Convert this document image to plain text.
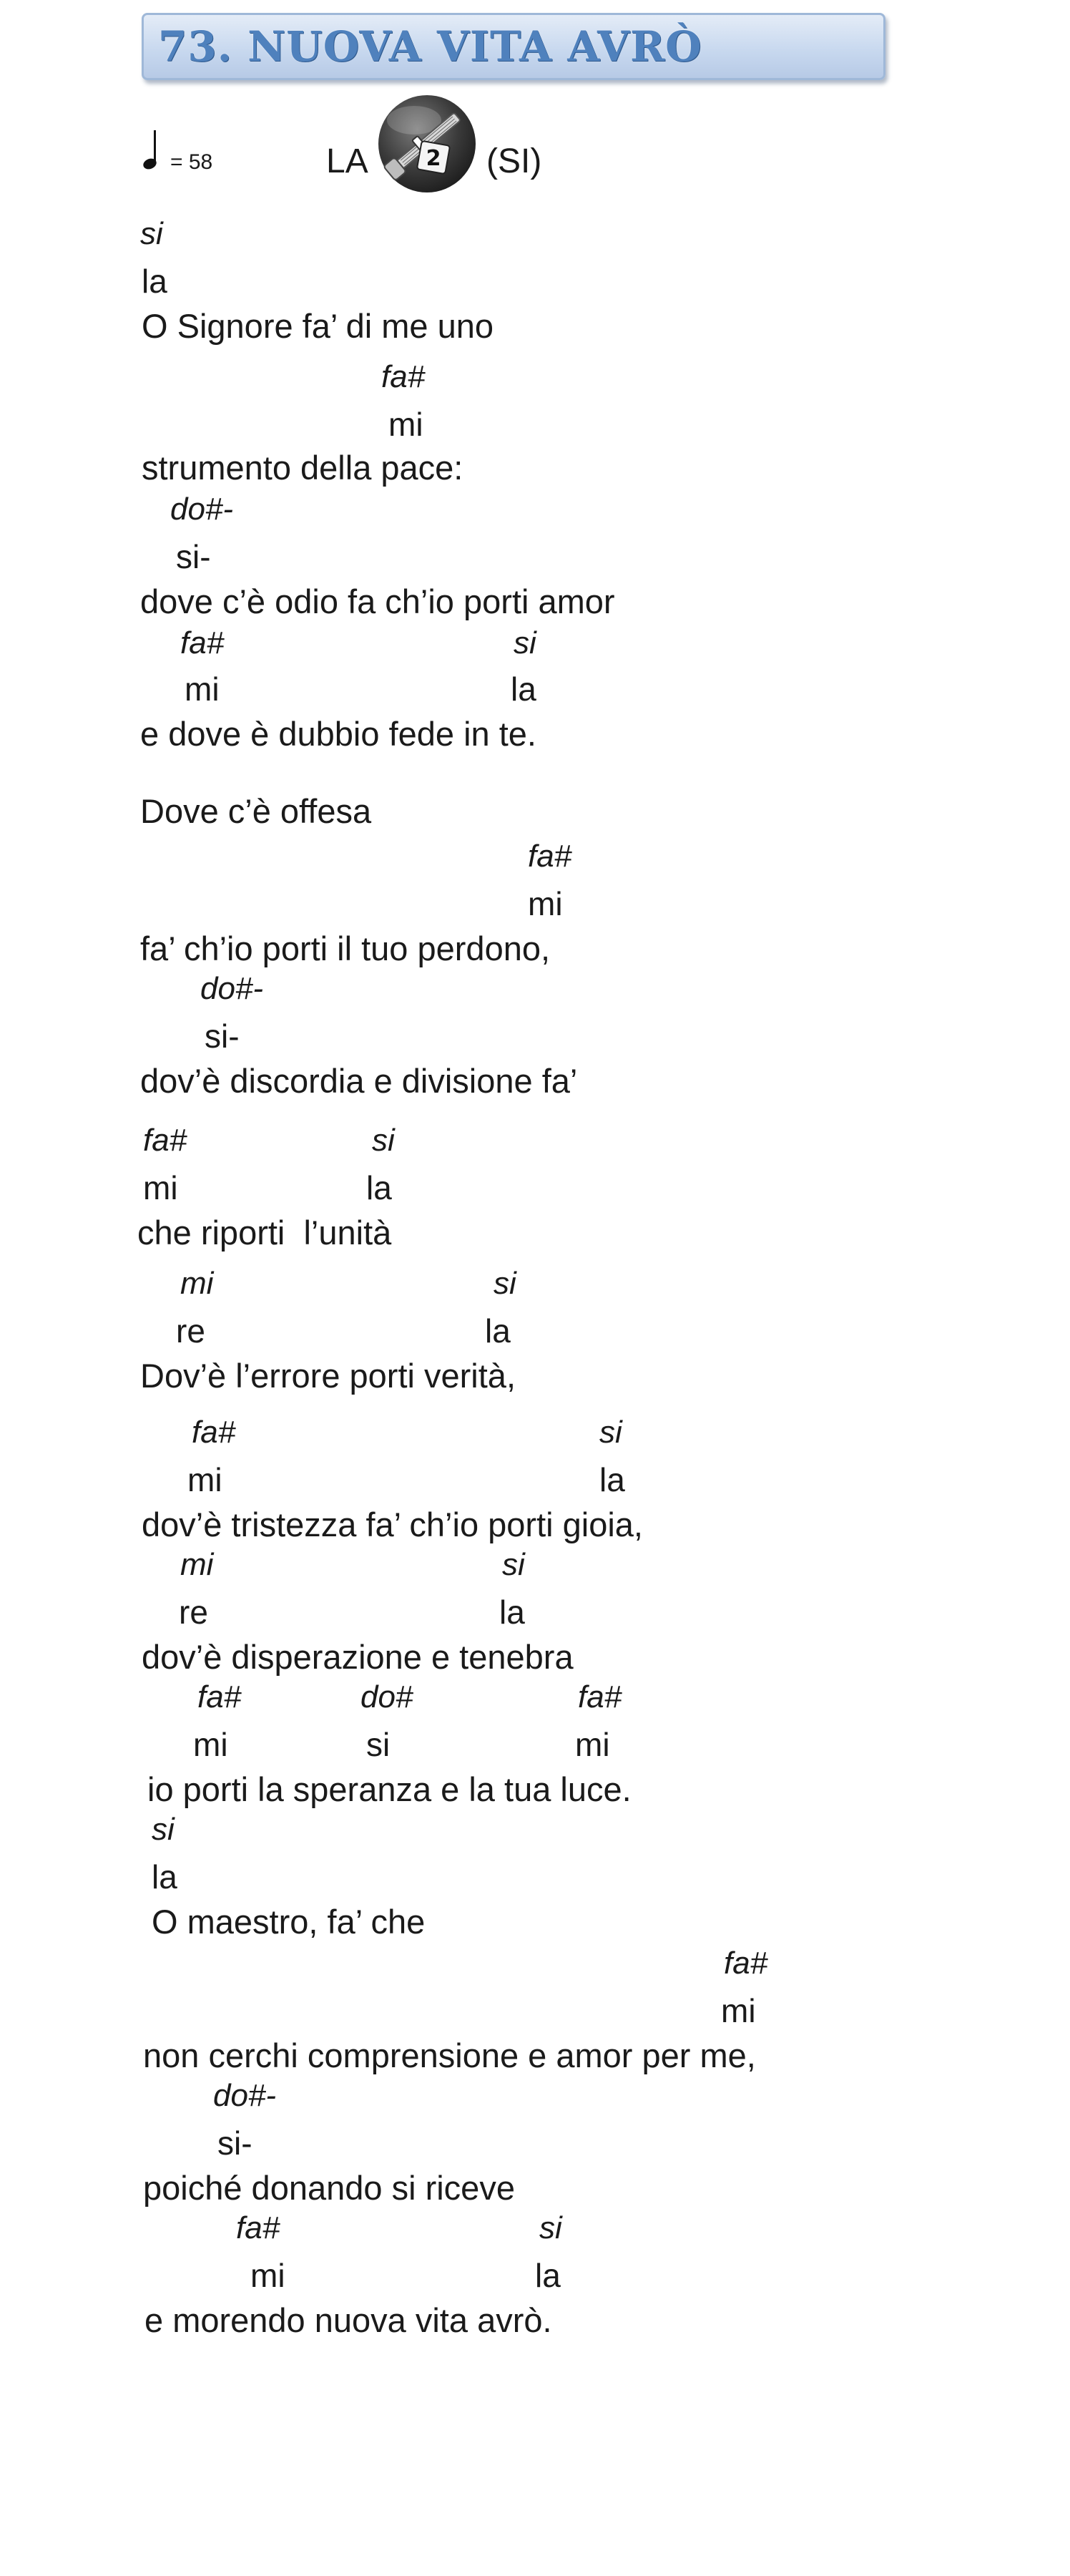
73. NUOVA VITA AVRÒ
= 58	LA	2 (SI)
si
la
O Signore fa’ di me uno
fa#
mi
strumento della pace:
do#-
si-
dove c’è odio fa ch’io porti amor
fa#	si
mi	la
e dove è dubbio fede in te.
Dove c’è offesa
fa#
mi
fa’ ch’io porti il tuo perdono,
do#-
si-
dov’è discordia e divisione fa’
fa#	si
mi	la
che riporti  l’unità
mi	si
re	la
Dov’è l’errore porti verità,
fa#	si
mi	la
dov’è tristezza fa’ ch’io porti gioia,
mi	si
re	la
dov’è disperazione e tenebra
fa#	do#	fa#
mi	si	mi
io porti la speranza e la tua luce.
si
la
O maestro, fa’ che
fa#
mi
non cerchi comprensione e amor per me,
do#-
si-
poiché donando si riceve
fa#	si
mi	la
e morendo nuova vita avrò.
